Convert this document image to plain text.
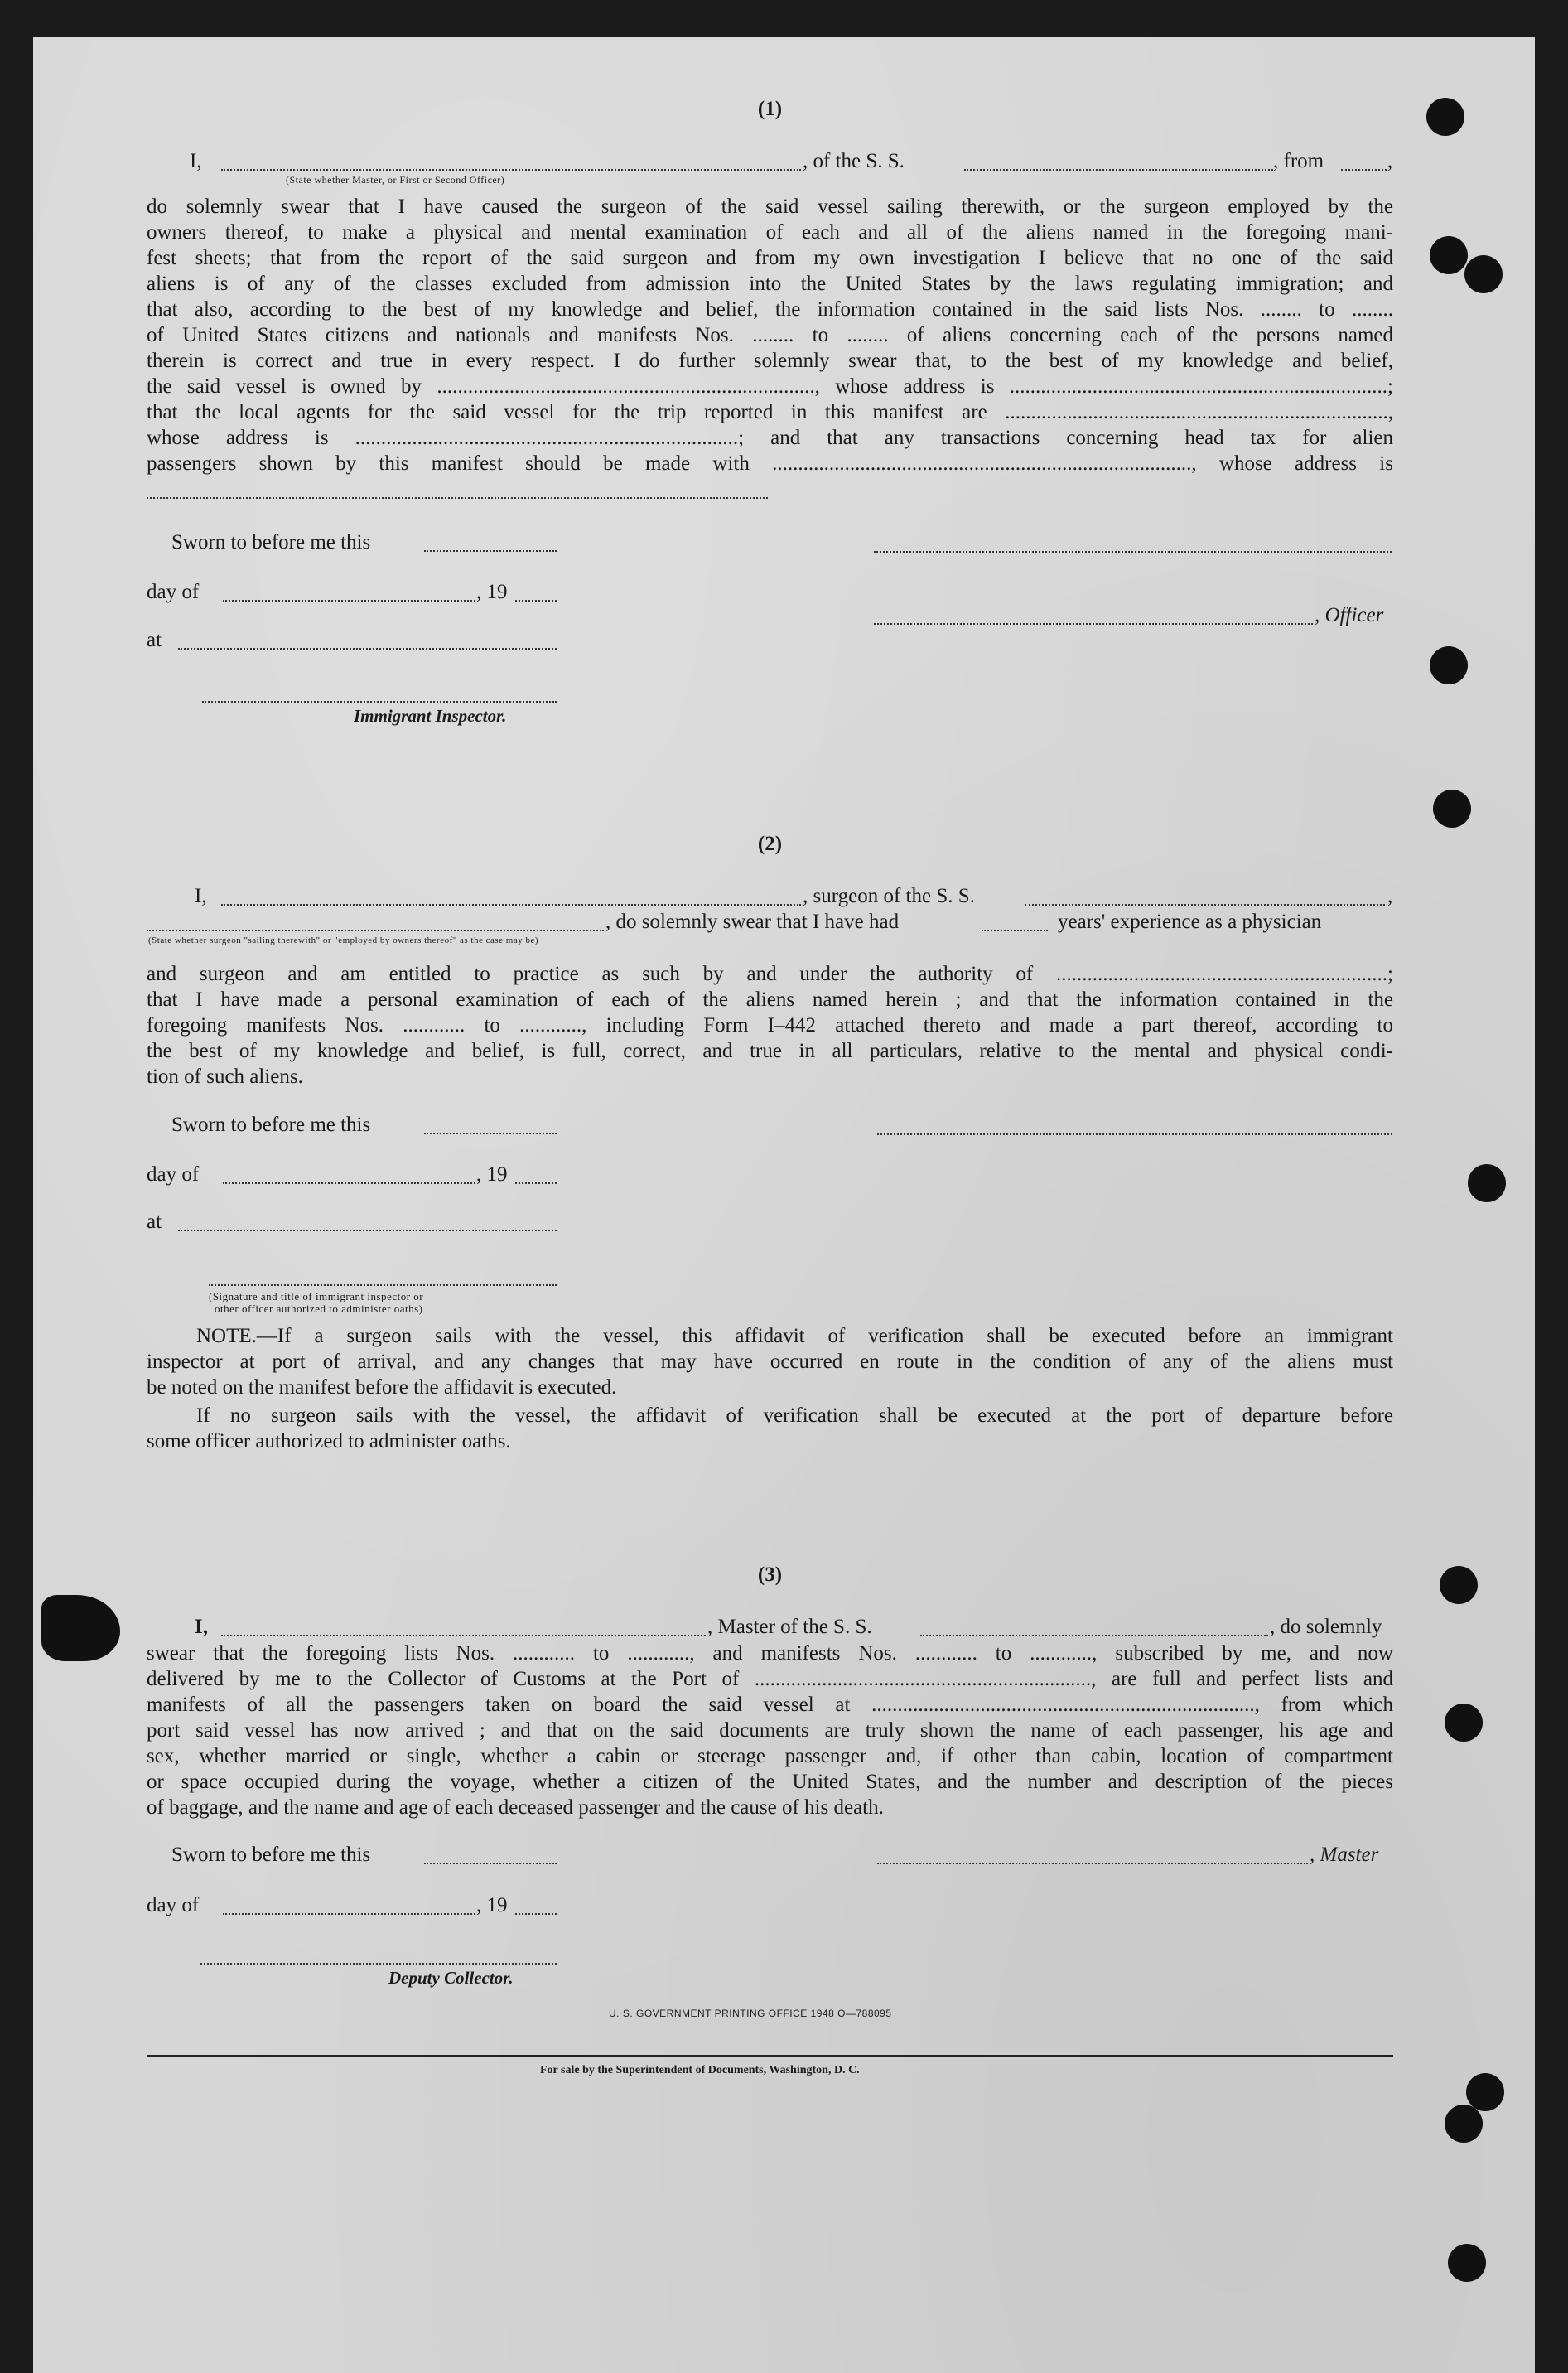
(1)
I,	, of the S. S.	, from	,
(State whether Master, or First or Second Officer)
do solemnly swear that I have caused the surgeon of the said vessel sailing therewith, or the surgeon employed by the
owners thereof, to make a physical and mental examination of each and all of the aliens named in the foregoing mani-
fest sheets; that from the report of the said surgeon and from my own investigation I believe that no one of the said
aliens is of any of the classes excluded from admission into the United States by the laws regulating immigration; and
that also, according to the best of my knowledge and belief, the information contained in the said lists Nos. ........ to ........
of United States citizens and nationals and manifests Nos. ........ to ........ of aliens concerning each of the persons named
therein is correct and true in every respect. I do further solemnly swear that, to the best of my knowledge and belief,
the said vessel is owned by ........................................................................., whose address is .........................................................................;
that the local agents for the said vessel for the trip reported in this manifest are ..........................................................................,
whose address is ..........................................................................; and that any transactions concerning head tax for alien
passengers shown by this manifest should be made with ................................................................................., whose address is
Sworn to before me this
day of	, 19
, Officer
at
Immigrant Inspector.
(2)
I,	, surgeon of the S. S.	,
, do solemnly swear that I have had	years' experience as a physician
(State whether surgeon "sailing therewith" or "employed by owners thereof" as the case may be)
and surgeon and am entitled to practice as such by and under the authority of ................................................................;
that I have made a personal examination of each of the aliens named herein ; and that the information contained in the
foregoing manifests Nos. ............ to ............, including Form I–442 attached thereto and made a part thereof, according to
the best of my knowledge and belief, is full, correct, and true in all particulars, relative to the mental and physical condi-
tion of such aliens.
Sworn to before me this
day of	, 19
at
(Signature and title of immigrant inspector or
other officer authorized to administer oaths)
NOTE.—If a surgeon sails with the vessel, this affidavit of verification shall be executed before an immigrant
inspector at port of arrival, and any changes that may have occurred en route in the condition of any of the aliens must
be noted on the manifest before the affidavit is executed.
If no surgeon sails with the vessel, the affidavit of verification shall be executed at the port of departure before
some officer authorized to administer oaths.
(3)
I,	, Master of the S. S.	, do solemnly
swear that the foregoing lists Nos. ............ to ............, and manifests Nos. ............ to ............, subscribed by me, and now
delivered by me to the Collector of Customs at the Port of ................................................................., are full and perfect lists and
manifests of all the passengers taken on board the said vessel at .........................................................................., from which
port said vessel has now arrived ; and that on the said documents are truly shown the name of each passenger, his age and
sex, whether married or single, whether a cabin or steerage passenger and, if other than cabin, location of compartment
or space occupied during the voyage, whether a citizen of the United States, and the number and description of the pieces
of baggage, and the name and age of each deceased passenger and the cause of his death.
Sworn to before me this	, Master
day of	, 19
Deputy Collector.
U. S. GOVERNMENT PRINTING OFFICE 1948 O—788095
For sale by the Superintendent of Documents, Washington, D. C.
